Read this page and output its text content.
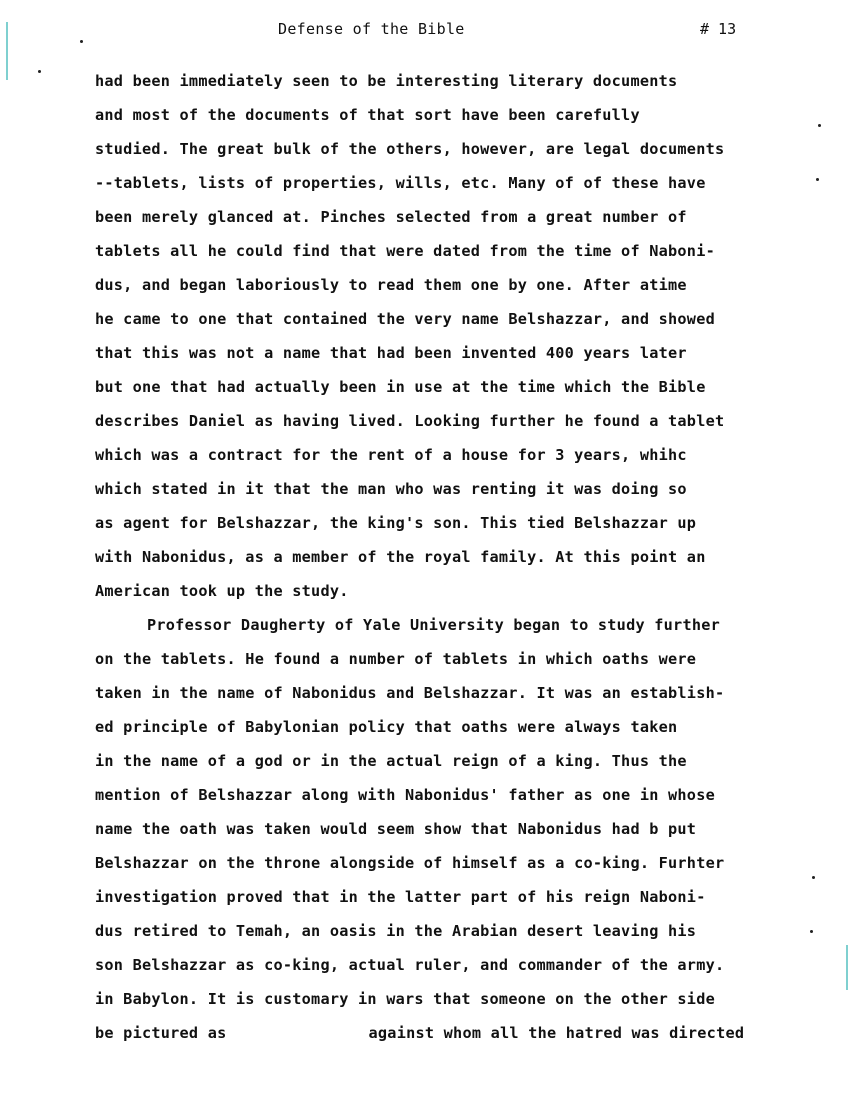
Defense of the Bible	# 13
had been immediately seen to be interesting literary documents
and most of the documents of that sort have been carefully
studied. The great bulk of the others, however, are legal documents
--tablets, lists of properties, wills, etc. Many of of these have
been merely glanced at. Pinches selected from a great number of
tablets all he could find that were dated from the time of Naboni-
dus, and began laboriously to read them one by one. After atime
he came to one that contained the very name Belshazzar, and showed
that this was not a name that had been invented 400 years later
but one that had actually been in use at the time which the Bible
describes Daniel as having lived. Looking further he found a tablet
which was a contract for the rent of a house for 3 years, whihc
which stated in it that the man who was renting it was doing so
as agent for Belshazzar, the king's son. This tied Belshazzar up
with Nabonidus, as a member of the royal family. At this point an
American took up the study.
Professor Daugherty of Yale University began to study further
on the tablets. He found a number of tablets in which oaths were
taken in the name of Nabonidus and Belshazzar. It was an establish-
ed principle of Babylonian policy that oaths were always taken
in the name of a god or in the actual reign of a king. Thus the
mention of Belshazzar along with Nabonidus' father as one in whose
name the oath was taken would seem show that Nabonidus had b put
Belshazzar on the throne alongside of himself as a co-king. Furhter
investigation proved that in the latter part of his reign Naboni-
dus retired to Temah, an oasis in the Arabian desert leaving his
son Belshazzar as co-king, actual ruler, and commander of the army.
in Babylon. It is customary in wars that someone on the other side
be pictured as	against whom all the hatred was directed
